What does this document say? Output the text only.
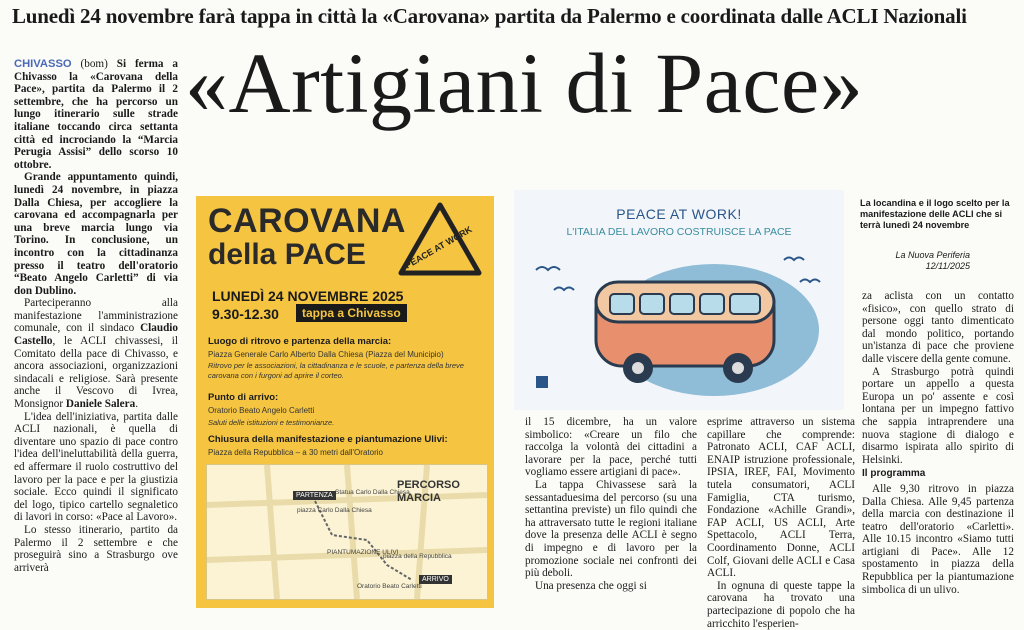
Lunedì 24 novembre farà tappa in città la «Carovana» partita da Palermo e coordinata dalle ACLI Nazionali
«Artigiani di Pace»

CHIVASSO (bom) Si ferma a Chivasso la «Carovana della Pace», partita da Palermo il 2 settembre, che ha percorso un lungo itinerario sulle strade italiane toccando circa settanta città ed incrociando la “Marcia Perugia Assisi” dello scorso 10 ottobre.

Grande appuntamento quindi, lunedì 24 novembre, in piazza Dalla Chiesa, per accogliere la carovana ed accompagnarla per una breve marcia lungo via Torino. In conclusione, un incontro con la cittadinanza presso il teatro dell'oratorio “Beato Angelo Carletti” di via don Dublino.

Parteciperanno alla manifestazione l'amministrazione comunale, con il sindaco Claudio Castello, le ACLI chivassesi, il Comitato della pace di Chivasso, e ancora associazioni, organizzazioni sindacali e religiose. Sarà presente anche il Vescovo di Ivrea, Monsignor Daniele Salera.

L'idea dell'iniziativa, partita dalle ACLI nazionali, è quella di diventare uno spazio di pace contro l'idea dell'ineluttabilità della guerra, ed affermare il ruolo costruttivo del lavoro per la pace e per la giustizia sociale. Ecco quindi il significato del logo, tipico cartello segnaletico di lavori in corso: «Pace al Lavoro».

Lo stesso itinerario, partito da Palermo il 2 settembre e che proseguirà sino a Strasburgo ove arriverà

CAROVANA
della PACE	PEACE AT WORK
LUNEDÌ 24 NOVEMBRE 2025
9.30-12.30	tappa a Chivasso
Luogo di ritrovo e partenza della marcia:
Piazza Generale Carlo Alberto Dalla Chiesa (Piazza del Municipio)
Ritrovo per le associazioni, la cittadinanza e le scuole, e partenza della breve carovana con i furgoni ad aprire il corteo.
Punto di arrivo:
Oratorio Beato Angelo Carletti
Saluti delle istituzioni e testimonianze.
Chiusura della manifestazione e piantumazione Ulivi:
Piazza della Repubblica – a 30 metri dall'Oratorio
PARTENZA
ARRIVO
PERCORSO
MARCIA
piazza Carlo Dalla Chiesa
Statua Carlo Dalla Chiesa
PIANTUMAZIONE ULIVI
piazza della Repubblica
Oratorio Beato Carletti
PEACE AT WORK!
L'ITALIA DEL LAVORO COSTRUISCE LA PACE
La locandina e il logo scelto per la manifestazione delle ACLI che si terrà lunedì 24 novembre
La Nuova Periferia
12/11/2025

il 15 dicembre, ha un valore simbolico: «Creare un filo che raccolga la volontà dei cittadini a lavorare per la pace, perché tutti vogliamo essere artigiani di pace».

La tappa Chivassese sarà la sessantaduesima del percorso (su una settantina previste) un filo quindi che ha attraversato tutte le regioni italiane dove la presenza delle ACLI è segno di impegno e di lavoro per la promozione sociale nei confronti dei più deboli.

Una presenza che oggi si

esprime attraverso un sistema capillare che comprende: Patronato ACLI, CAF ACLI, ENAIP istruzione professionale, IPSIA, IREF, FAI, Movimento tutela consumatori, ACLI Famiglia, CTA turismo, Fondazione «Achille Grandi», FAP ACLI, US ACLI, Arte Spettacolo, ACLI Terra, Coordinamento Donne, ACLI Colf, Giovani delle ACLI e Casa ACLI.

In ognuna di queste tappe la carovana ha trovato una partecipazione di popolo che ha arricchito l'esperien-

za aclista con un contatto «fisico», con quello strato di persone oggi tanto dimenticato dal mondo politico, portando un'istanza di pace che proviene dalle viscere della gente comune.

A Strasburgo potrà quindi portare un appello a questa Europa un po' assente e così lontana per un impegno fattivo che sappia intraprendere una nuova stagione di dialogo e disarmo ispirata allo spirito di Helsinki.

Il programma

Alle 9,30 ritrovo in piazza Dalla Chiesa. Alle 9,45 partenza della marcia con destinazione il teatro dell'oratorio «Carletti». Alle 10.15 incontro «Siamo tutti artigiani di Pace». Alle 12 spostamento in piazza della Repubblica per la piantumazione simbolica di un ulivo.
